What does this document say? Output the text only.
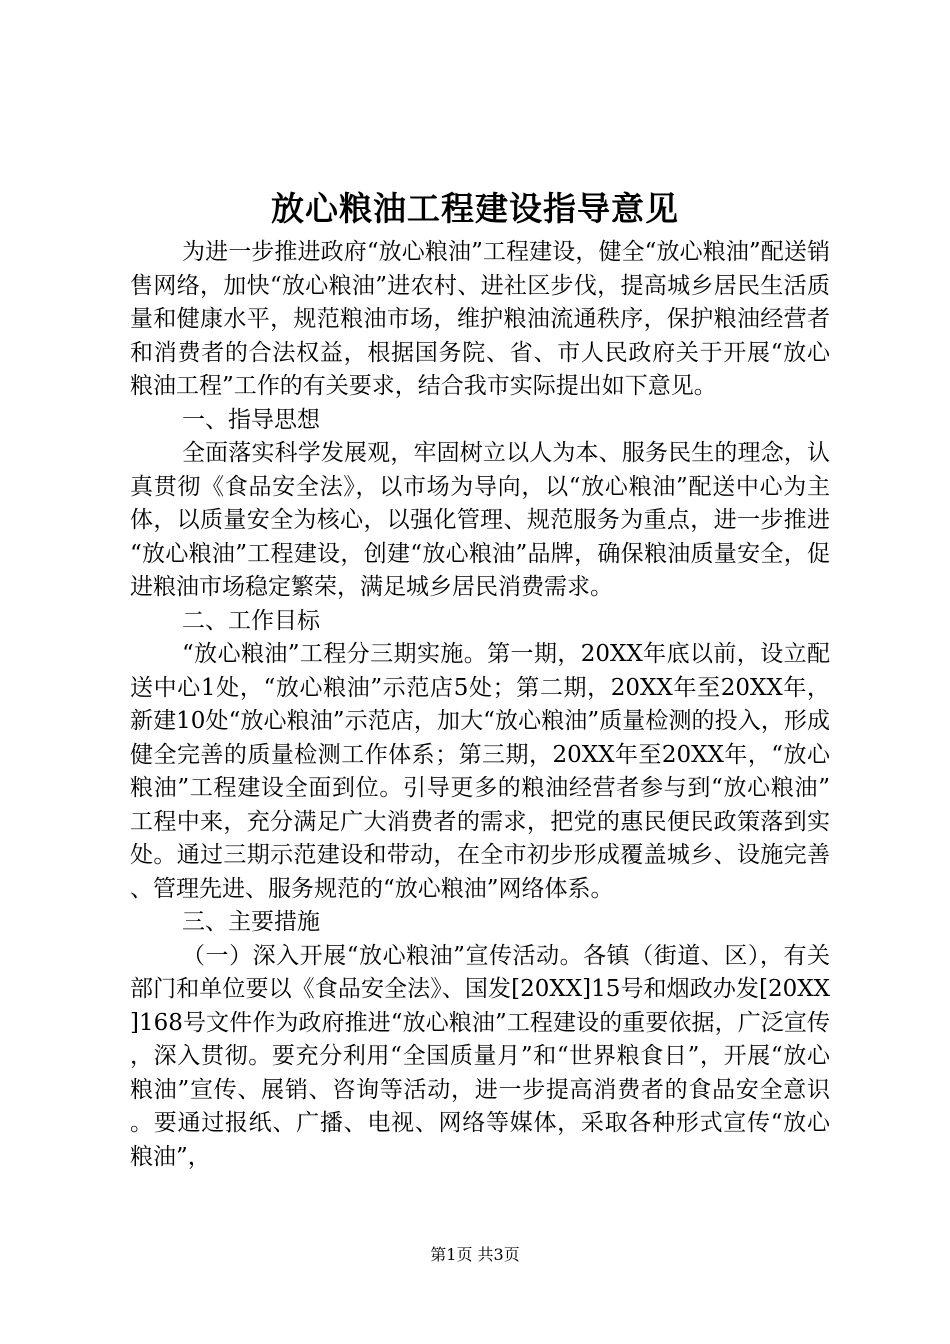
放心粮油工程建设指导意见

为进一步推进政府“放心粮油”工程建设，健全“放心粮油”配送销售网络，加快“放心粮油”进农村、进社区步伐，提高城乡居民生活质量和健康水平，规范粮油市场，维护粮油流通秩序，保护粮油经营者和消费者的合法权益，根据国务院、省、市人民政府关于开展“放心粮油工程”工作的有关要求，结合我市实际提出如下意见。

一、指导思想

全面落实科学发展观，牢固树立以人为本、服务民生的理念，认真贯彻《食品安全法》，以市场为导向，以“放心粮油”配送中心为主体，以质量安全为核心，以强化管理、规范服务为重点，进一步推进“放心粮油”工程建设，创建“放心粮油”品牌，确保粮油质量安全，促进粮油市场稳定繁荣，满足城乡居民消费需求。

二、工作目标

“放心粮油”工程分三期实施。第一期，20XX年底以前，设立配送中心1处，“放心粮油”示范店5处；第二期，20XX年至20XX年，新建10处“放心粮油”示范店，加大“放心粮油”质量检测的投入，形成健全完善的质量检测工作体系；第三期，20XX年至20XX年，“放心粮油”工程建设全面到位。引导更多的粮油经营者参与到“放心粮油”工程中来，充分满足广大消费者的需求，把党的惠民便民政策落到实处。通过三期示范建设和带动，在全市初步形成覆盖城乡、设施完善、管理先进、服务规范的“放心粮油”网络体系。

三、主要措施

（一）深入开展“放心粮油”宣传活动。各镇（街道、区），有关部门和单位要以《食品安全法》、国发[20XX]15号和烟政办发[20XX]168号文件作为政府推进“放心粮油”工程建设的重要依据，广泛宣传，深入贯彻。要充分利用“全国质量月”和“世界粮食日”，开展“放心粮油”宣传、展销、咨询等活动，进一步提高消费者的食品安全意识。要通过报纸、广播、电视、网络等媒体，采取各种形式宣传“放心粮油”，

第1页 共3页
